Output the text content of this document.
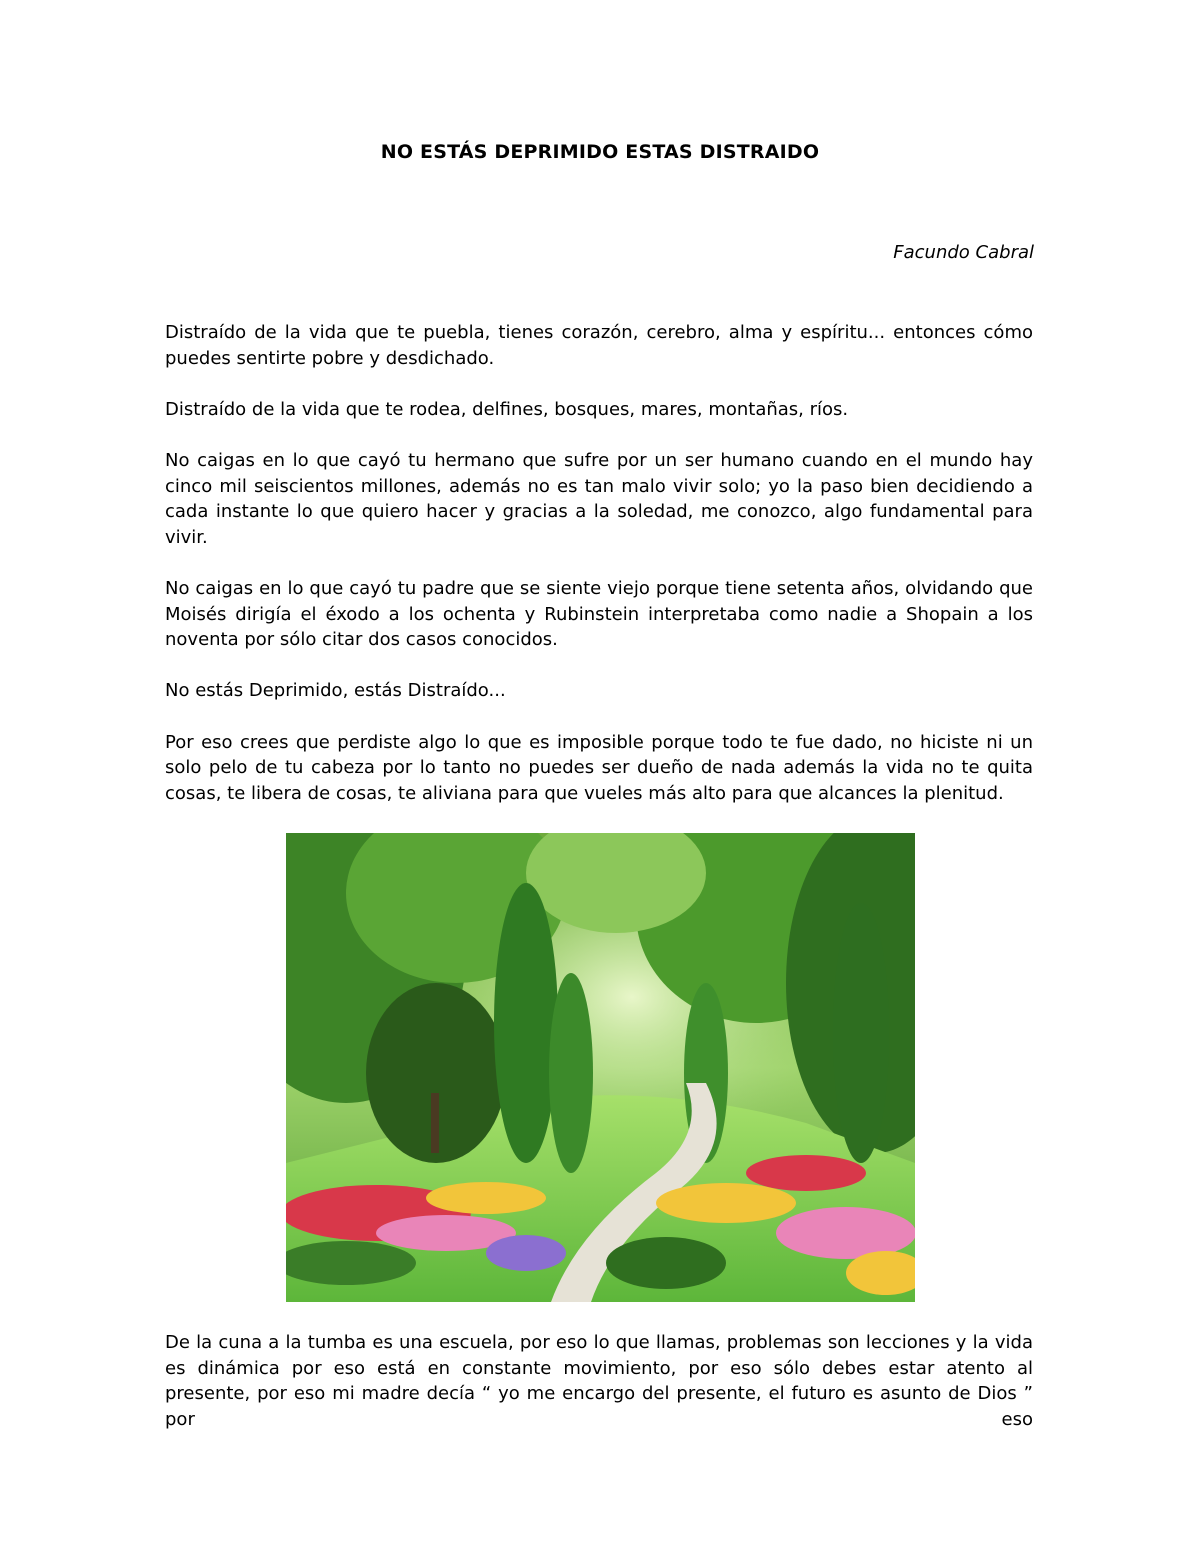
NO ESTÁS DEPRIMIDO ESTAS DISTRAIDO
Facundo Cabral

Distraído de la vida que te puebla, tienes corazón, cerebro, alma y espíritu... entonces cómo puedes sentirte pobre y desdichado.

Distraído de la vida que te rodea, delfines, bosques, mares, montañas, ríos.

No caigas en lo que cayó tu hermano que sufre por un ser humano cuando en el mundo hay cinco mil seiscientos millones, además no es tan malo vivir solo; yo la paso bien decidiendo a cada instante lo que quiero hacer y gracias a la soledad, me conozco, algo fundamental para vivir.

No caigas en lo que cayó tu padre que se siente viejo porque tiene setenta años, olvidando que Moisés dirigía el éxodo a los ochenta y Rubinstein interpretaba como nadie a Shopain a los noventa por sólo citar dos casos conocidos.

No estás Deprimido, estás Distraído...

Por eso crees que perdiste algo lo que es imposible porque todo te fue dado, no hiciste ni un solo pelo de tu cabeza por lo tanto no puedes ser dueño de nada además la vida no te quita cosas, te libera de cosas, te aliviana para que vueles más alto para que alcances la plenitud.

De la cuna a la tumba es una escuela, por eso lo que llamas, problemas son lecciones y la vida es dinámica por eso está en constante movimiento, por eso sólo debes estar atento al presente, por eso mi madre decía “ yo me encargo del presente, el futuro es asunto de Dios ” por eso
